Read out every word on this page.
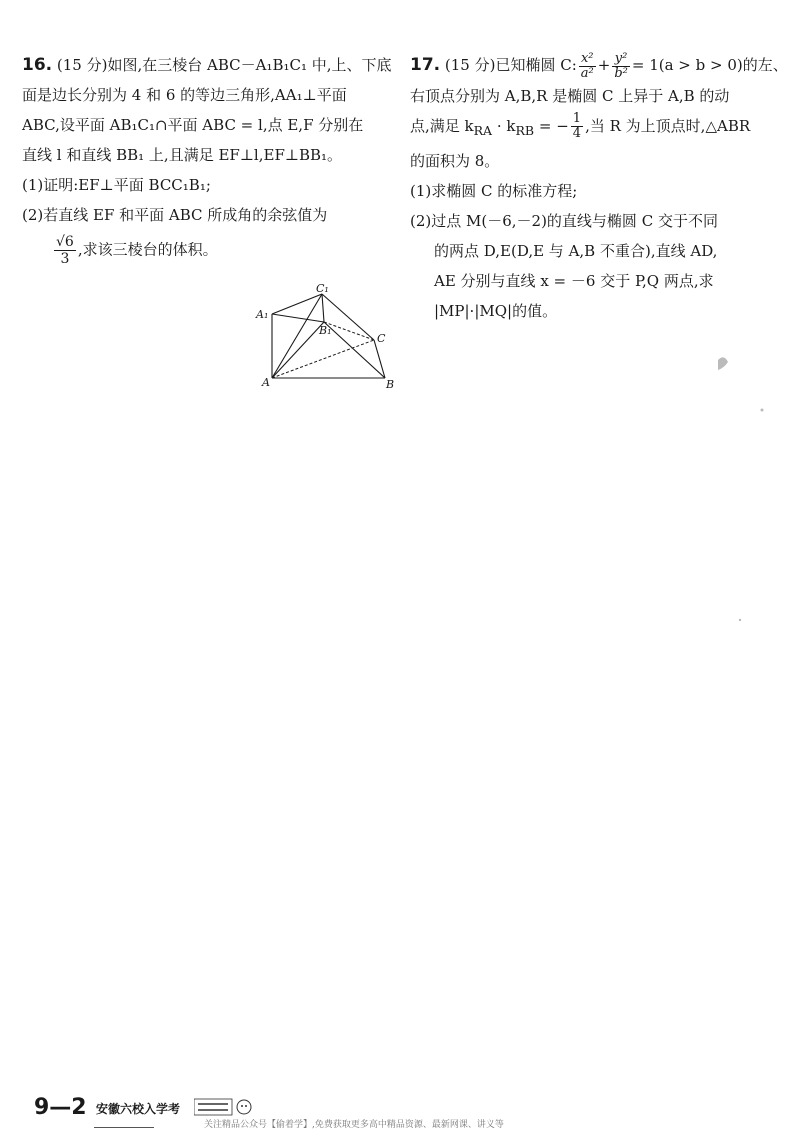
16. (15 分)如图,在三棱台 ABC－A₁B₁C₁ 中,上、下底
面是边长分别为 4 和 6 的等边三角形,AA₁⊥平面
ABC,设平面 AB₁C₁∩平面 ABC = l,点 E,F 分别在
直线 l 和直线 BB₁ 上,且满足 EF⊥l,EF⊥BB₁。
(1)证明:EF⊥平面 BCC₁B₁;
(2)若直线 EF 和平面 ABC 所成角的余弦值为
$\frac{√6}{3}$ ,求该三棱台的体积。
A₁
C₁
B₁
C
A	B
17. (15 分)已知椭圆 C: $\frac{\text{x²}}{\text{a²}} + \frac{\text{y²}}{\text{b²}} = 1(a > b > 0)$的左、
右顶点分别为 A,B,R 是椭圆 C 上异于 A,B 的动
点,满足 $k_{RA} \cdot k_{RB}$ = − $\frac{1}{4}$ ,当 R 为上顶点时,△ABR
的面积为 8。
(1)求椭圆 C 的标准方程;
(2)过点 M(－6,－2)的直线与椭圆 C 交于不同
的两点 D,E(D,E 与 A,B 不重合),直线 AD,
AE 分别与直线 x = －6 交于 P,Q 两点,求
|MP|·|MQ|的值。
9—2 安徽六校入学考
关注精品公众号【偷着学】,免费获取更多高中精品资源、最新网课、讲义等
